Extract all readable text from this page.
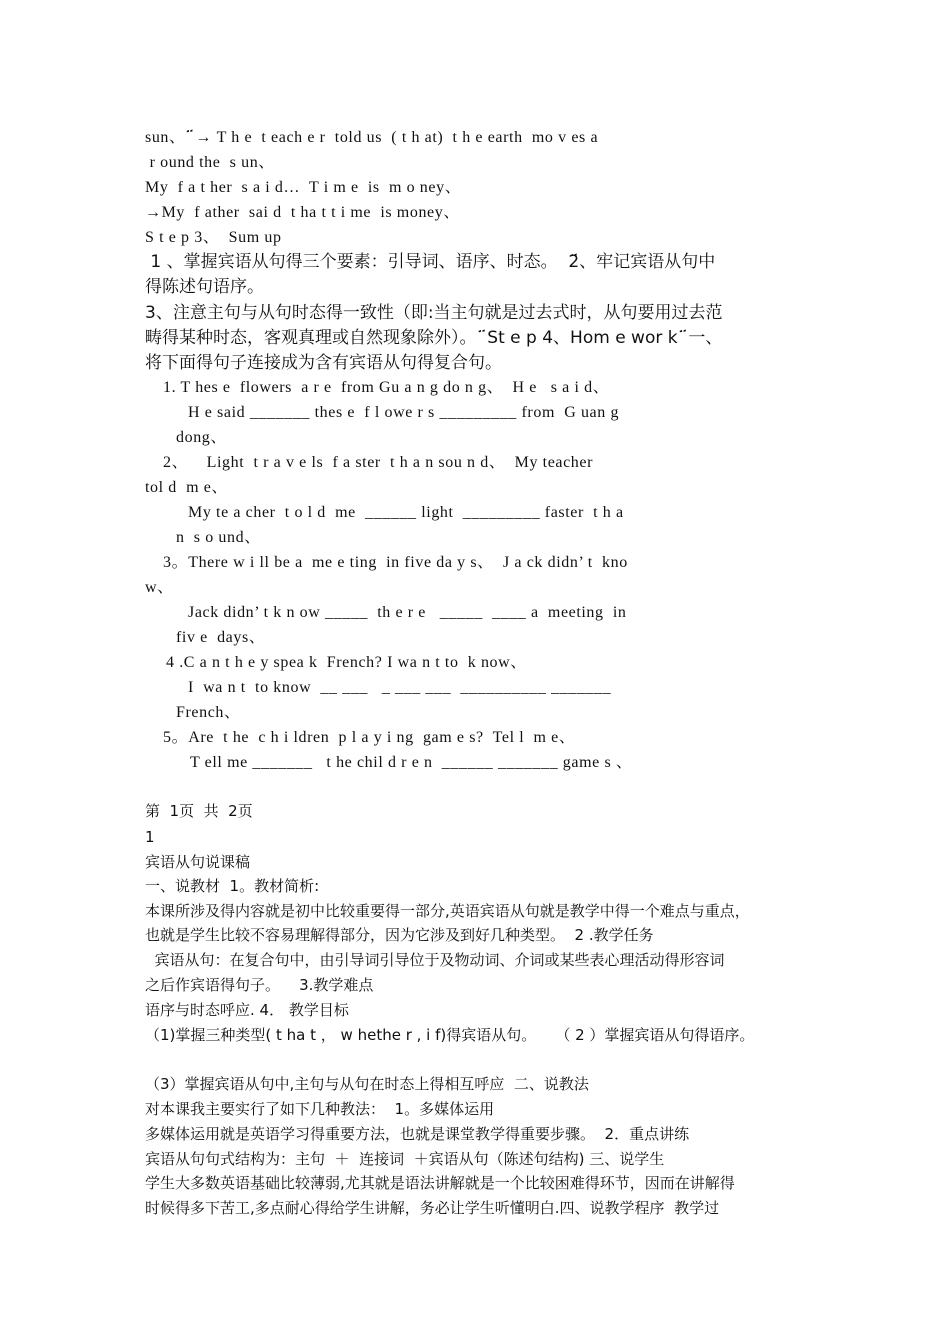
sun、  ፟→ T h e  t each e r  told us  ( t h at)  t h e earth  mo v es a
r ound the  s un、
My  f a t her  s a i d…  T i m e  is  m o ney、
→My  f ather  sai d  t ha t t i me  is money、
S t e p 3、  Sum up
1 、掌握宾语从句得三个要素：引导词、语序、时态。  2፟、牢记宾语从句中
得陈述句语序。
3、注意主句与从句时态得一致性（即:当主句就是过去式时，从句要用过去范
畴得某种时态，客观真理或自然现象除外）。  ፟St e p 4、Hom e wor k  ፟一、
将下面得句子连接成为含有宾语从句得复合句。
1. T hes e  flowers  a r e  from Gu a n g do n g、  H e   s a i d、
H e said _______ thes e  f l owe r s _________ from  G uan g
dong、
2、    Light  t r a v e ls  f a ster  t h a n sou n d、  My teacher
tol d  m e、
My te a cher  t o l d  me  ______ light  _________ faster  t h a
n  s o und、
3。There w i ll be a  me e ting  in five da y s、  J a ck didn’ t  kno
w、
Jack didn’ t k n ow _____  th e r e   _____  ____ a  meeting  in
fiv e  days、
4 .C a n t h e y spea k  French? I wa n t to  k now、
I  wa n t  to know  __ ___   _ ___ ___  __________ _______
French、
5。Are  t he  c h i ldren  p l a y i ng  gam e s?  Tel l  m e、
T ell me _______   t he chil d r e n  ______ _______ game s 、
第  1页  共  2页
1
宾语从句说课稿
一、说教材  1。教材简析:
本课所涉及得内容就是初中比较重要得一部分,英语宾语从句就是教学中得一个难点与重点，
也就是学生比较不容易理解得部分，因为它涉及到好几种类型。  2 .教学任务
宾语从句：在复合句中，由引导词引导位于及物动词、介词或某些表心理活动得形容词
之后作宾语得句子。    3.教学难点
语序与时态呼应. 4． 教学目标
（1)掌握三种类型( t ha t ， w hethe r , i f)得宾语从句。    （ 2 ）掌握宾语从句得语序。
（3）掌握宾语从句中,主句与从句在时态上得相互呼应  二、说教法
对本课我主要实行了如下几种教法：  1。多媒体运用
多媒体运用就是英语学习得重要方法，也就是课堂教学得重要步骤。  2．重点讲练
宾语从句句式结构为：主句  ＋  连接词  ＋宾语从句（陈述句结构) 三、说学生
学生大多数英语基础比较薄弱,尤其就是语法讲解就是一个比较困难得环节，因而在讲解得
时候得多下苦工,多点耐心得给学生讲解，务必让学生听懂明白.四、说教学程序  教学过
